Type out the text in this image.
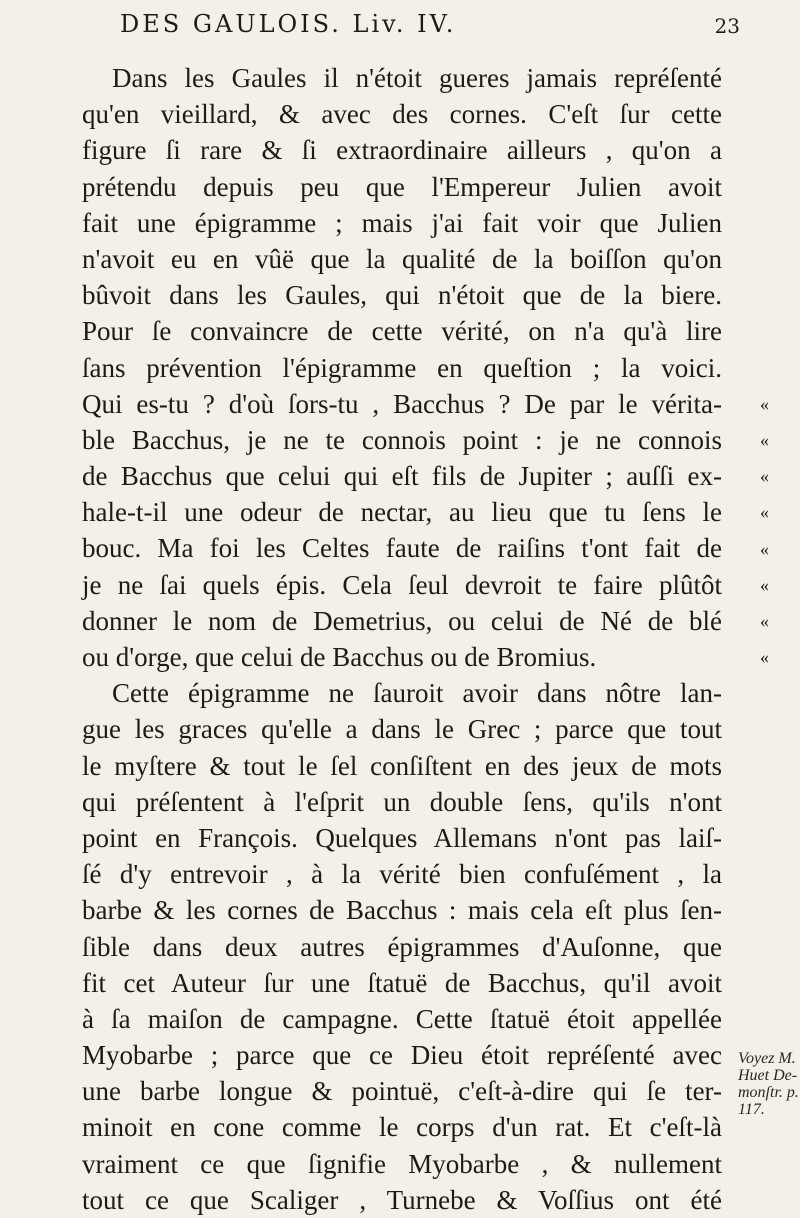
DES GAULOIS. Liv. IV.	23
Dans les Gaules il n'étoit gueres jamais repréſenté
qu'en vieillard, & avec des cornes. C'eſt ſur cette
figure ſi rare & ſi extraordinaire ailleurs , qu'on a
prétendu depuis peu que l'Empereur Julien avoit
fait une épigramme ; mais j'ai fait voir que Julien
n'avoit eu en vûë que la qualité de la boiſſon qu'on
bûvoit dans les Gaules, qui n'étoit que de la biere.
Pour ſe convaincre de cette vérité, on n'a qu'à lire
ſans prévention l'épigramme en queſtion ; la voici.
Qui es-tu ? d'où ſors-tu , Bacchus ? De par le vérita-
ble Bacchus, je ne te connois point : je ne connois
de Bacchus que celui qui eſt fils de Jupiter ; auſſi ex-
hale-t-il une odeur de nectar, au lieu que tu ſens le
bouc. Ma foi les Celtes faute de raiſins t'ont fait de
je ne ſai quels épis. Cela ſeul devroit te faire plûtôt
donner le nom de Demetrius, ou celui de Né de blé
ou d'orge, que celui de Bacchus ou de Bromius.
Cette épigramme ne ſauroit avoir dans nôtre lan-
gue les graces qu'elle a dans le Grec ; parce que tout
le myſtere & tout le ſel conſiſtent en des jeux de mots
qui préſentent à l'eſprit un double ſens, qu'ils n'ont
point en François. Quelques Allemans n'ont pas laiſ-
ſé d'y entrevoir , à la vérité bien confuſément , la
barbe & les cornes de Bacchus : mais cela eſt plus ſen-
ſible dans deux autres épigrammes d'Auſonne, que
fit cet Auteur ſur une ſtatuë de Bacchus, qu'il avoit
à ſa maiſon de campagne. Cette ſtatuë étoit appellée
Myobarbe ; parce que ce Dieu étoit repréſenté avec
une barbe longue & pointuë, c'eſt-à-dire qui ſe ter-
minoit en cone comme le corps d'un rat. Et c'eſt-là
vraiment ce que ſignifie Myobarbe , & nullement
tout ce que Scaliger , Turnebe & Voſſius ont été
«
«
«
«
«
«
«
«
Voyez M.
Huet De-
monſtr. p.
117.
